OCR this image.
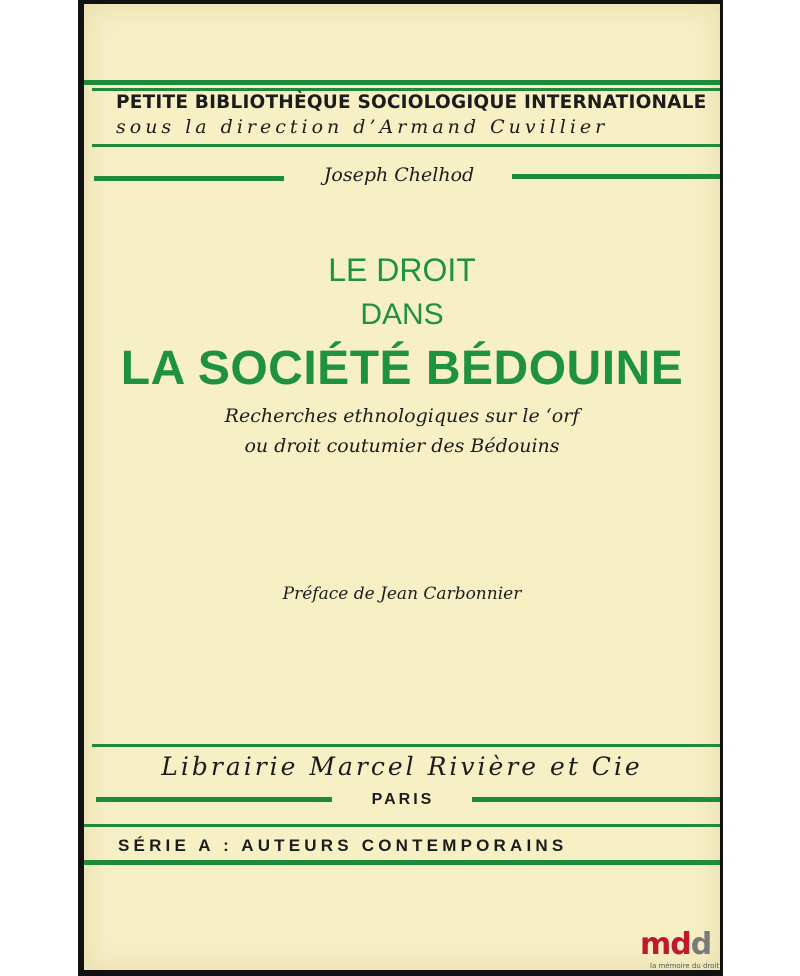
PETITE BIBLIOTHÈQUE SOCIOLOGIQUE INTERNATIONALE
sous la direction d’Armand Cuvillier
Joseph Chelhod
LE DROIT
DANS
LA SOCIÉTÉ BÉDOUINE
Recherches ethnologiques sur le ‘orf
ou droit coutumier des Bédouins
Préface de Jean Carbonnier
Librairie Marcel Rivière et Cie
PARIS
SÉRIE A : AUTEURS CONTEMPORAINS
mdd
la mémoire du droit
